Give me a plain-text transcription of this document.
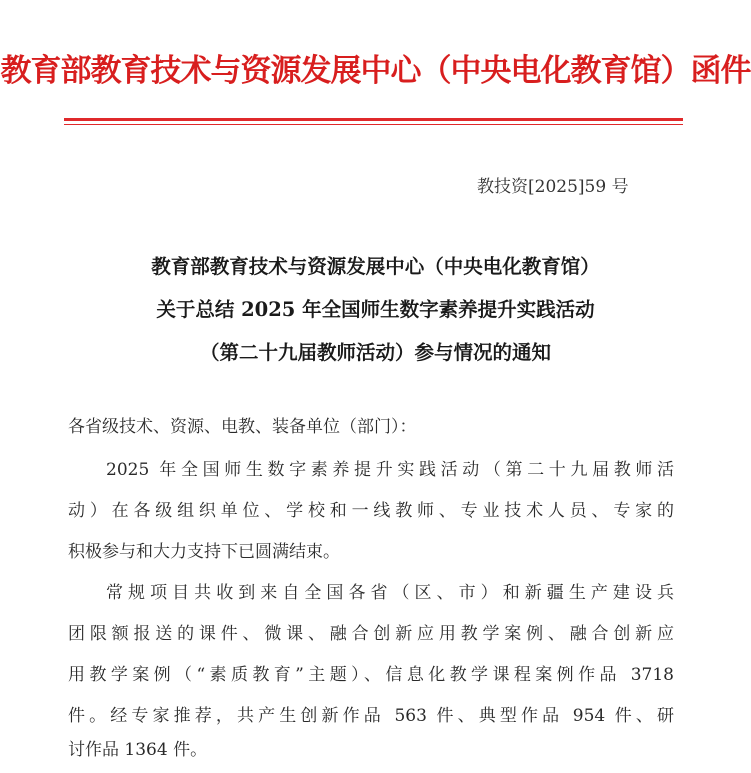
教育部教育技术与资源发展中心（中央电化教育馆）函件
教技资[2025]59 号
教育部教育技术与资源发展中心（中央电化教育馆）
关于总结 2025 年全国师生数字素养提升实践活动
（第二十九届教师活动）参与情况的通知
各省级技术、资源、电教、装备单位（部门）：
2025 年全国师生数字素养提升实践活动（第二十九届教师活
动）在各级组织单位、学校和一线教师、专业技术人员、专家的
积极参与和大力支持下已圆满结束。
常规项目共收到来自全国各省（区、市）和新疆生产建设兵
团限额报送的课件、微课、融合创新应用教学案例、融合创新应
用教学案例（“素质教育”主题）、信息化教学课程案例作品 3718
件。经专家推荐，共产生创新作品 563 件、典型作品 954 件、研
讨作品 1364 件。
